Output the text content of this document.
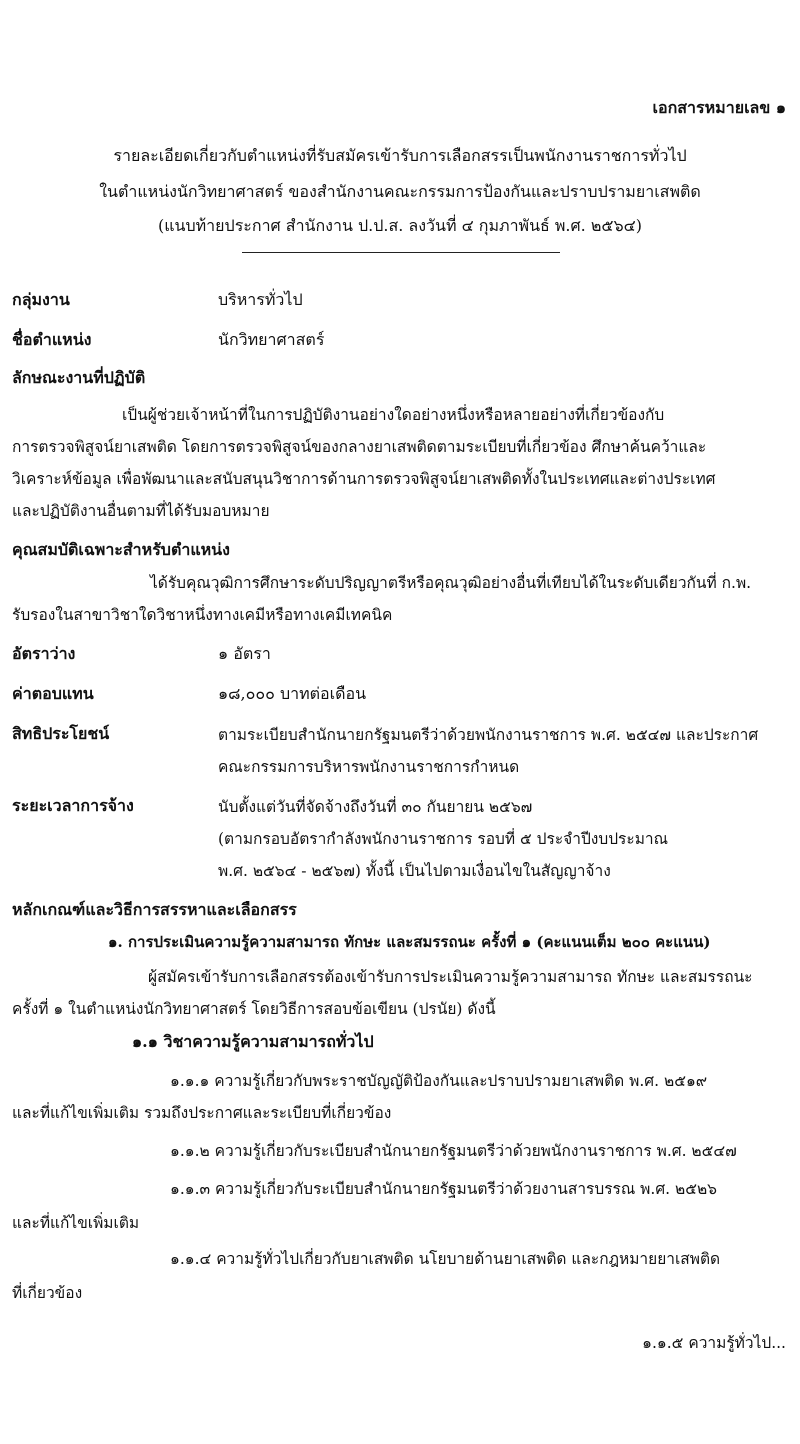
เอกสารหมายเลข ๑
รายละเอียดเกี่ยวกับตำแหน่งที่รับสมัครเข้ารับการเลือกสรรเป็นพนักงานราชการทั่วไป
ในตำแหน่งนักวิทยาศาสตร์ ของสำนักงานคณะกรรมการป้องกันและปราบปรามยาเสพติด
(แนบท้ายประกาศ สำนักงาน ป.ป.ส. ลงวันที่ ๔ กุมภาพันธ์ พ.ศ. ๒๕๖๔)
กลุ่มงาน	บริหารทั่วไป
ชื่อตำแหน่ง	นักวิทยาศาสตร์
ลักษณะงานที่ปฏิบัติ
เป็นผู้ช่วยเจ้าหน้าที่ในการปฏิบัติงานอย่างใดอย่างหนึ่งหรือหลายอย่างที่เกี่ยวข้องกับ
การตรวจพิสูจน์ยาเสพติด โดยการตรวจพิสูจน์ของกลางยาเสพติดตามระเบียบที่เกี่ยวข้อง ศึกษาค้นคว้าและ
วิเคราะห์ข้อมูล เพื่อพัฒนาและสนับสนุนวิชาการด้านการตรวจพิสูจน์ยาเสพติดทั้งในประเทศและต่างประเทศ
และปฏิบัติงานอื่นตามที่ได้รับมอบหมาย
คุณสมบัติเฉพาะสำหรับตำแหน่ง
ได้รับคุณวุฒิการศึกษาระดับปริญญาตรีหรือคุณวุฒิอย่างอื่นที่เทียบได้ในระดับเดียวกันที่ ก.พ.
รับรองในสาขาวิชาใดวิชาหนึ่งทางเคมีหรือทางเคมีเทคนิค
อัตราว่าง	๑ อัตรา
ค่าตอบแทน	๑๘,๐๐๐ บาทต่อเดือน
สิทธิประโยชน์	ตามระเบียบสำนักนายกรัฐมนตรีว่าด้วยพนักงานราชการ พ.ศ. ๒๕๔๗ และประกาศ
คณะกรรมการบริหารพนักงานราชการกำหนด
ระยะเวลาการจ้าง	นับตั้งแต่วันที่จัดจ้างถึงวันที่ ๓๐ กันยายน ๒๕๖๗
(ตามกรอบอัตรากำลังพนักงานราชการ รอบที่ ๕ ประจำปีงบประมาณ
พ.ศ. ๒๕๖๔ - ๒๕๖๗) ทั้งนี้ เป็นไปตามเงื่อนไขในสัญญาจ้าง
หลักเกณฑ์และวิธีการสรรหาและเลือกสรร
๑. การประเมินความรู้ความสามารถ ทักษะ และสมรรถนะ ครั้งที่ ๑ (คะแนนเต็ม ๒๐๐ คะแนน)
ผู้สมัครเข้ารับการเลือกสรรต้องเข้ารับการประเมินความรู้ความสามารถ ทักษะ และสมรรถนะ
ครั้งที่ ๑ ในตำแหน่งนักวิทยาศาสตร์ โดยวิธีการสอบข้อเขียน (ปรนัย) ดังนี้
๑.๑ วิชาความรู้ความสามารถทั่วไป
๑.๑.๑ ความรู้เกี่ยวกับพระราชบัญญัติป้องกันและปราบปรามยาเสพติด พ.ศ. ๒๕๑๙
และที่แก้ไขเพิ่มเติม รวมถึงประกาศและระเบียบที่เกี่ยวข้อง
๑.๑.๒ ความรู้เกี่ยวกับระเบียบสำนักนายกรัฐมนตรีว่าด้วยพนักงานราชการ พ.ศ. ๒๕๔๗
๑.๑.๓ ความรู้เกี่ยวกับระเบียบสำนักนายกรัฐมนตรีว่าด้วยงานสารบรรณ พ.ศ. ๒๕๒๖
และที่แก้ไขเพิ่มเติม
๑.๑.๔ ความรู้ทั่วไปเกี่ยวกับยาเสพติด นโยบายด้านยาเสพติด และกฎหมายยาเสพติด
ที่เกี่ยวข้อง
๑.๑.๕ ความรู้ทั่วไป...
